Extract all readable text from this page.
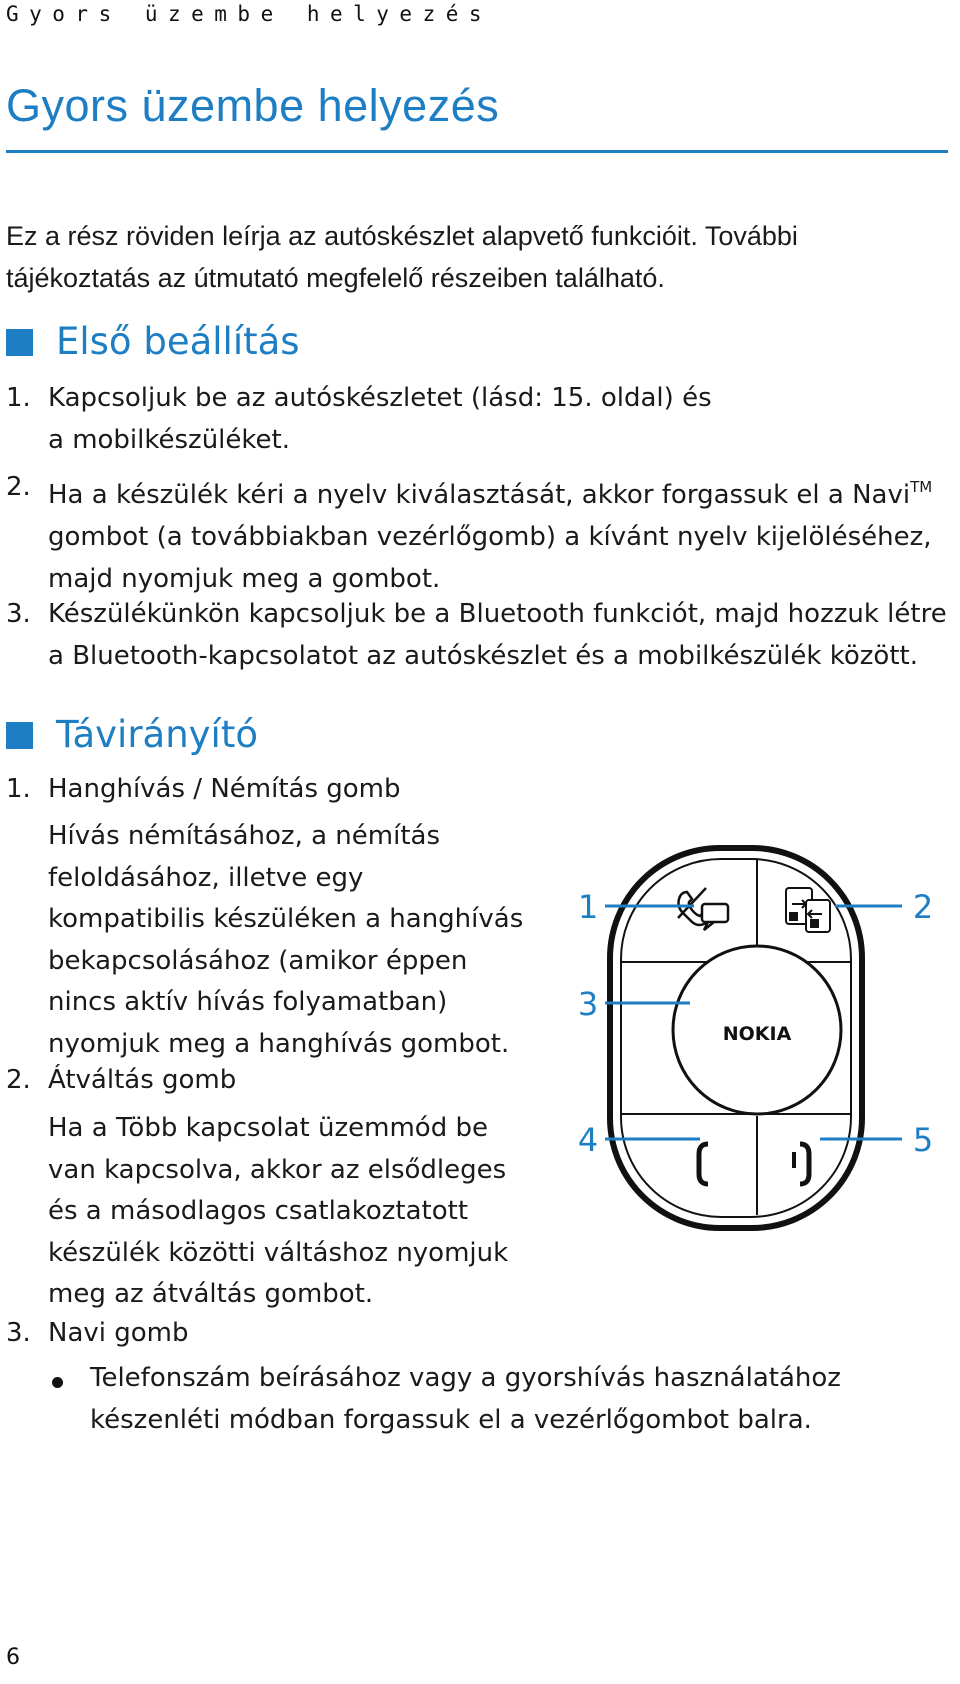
Gyors üzembe helyezés
Gyors üzembe helyezés

Ez a rész röviden leírja az autóskészlet alapvető funkcióit. További
tájékoztatás az útmutató megfelelő részeiben található.

Első beállítás
1. Kapcsoljuk be az autóskészletet (lásd: 15. oldal) és
a mobilkészüléket.
2. Ha a készülék kéri a nyelv kiválasztását, akkor forgassuk el a Navi™
gombot (a továbbiakban vezérlőgomb) a kívánt nyelv kijelöléséhez,
majd nyomjuk meg a gombot.
3. Készülékünkön kapcsoljuk be a Bluetooth funkciót, majd hozzuk létre
a Bluetooth-kapcsolatot az autóskészlet és a mobilkészülék között.
Távirányító
1. Hanghívás / Némítás gomb
Hívás némításához, a némítás
feloldásához, illetve egy
kompatibilis készüléken a hanghívás
bekapcsolásához (amikor éppen
nincs aktív hívás folyamatban)
nyomjuk meg a hanghívás gombot.
2. Átváltás gomb
Ha a Több kapcsolat üzemmód be
van kapcsolva, akkor az elsődleges
és a másodlagos csatlakoztatott
készülék közötti váltáshoz nyomjuk
meg az átváltás gombot.
3. Navi gomb
Telefonszám beírásához vagy a gyorshívás használatához
készenléti módban forgassuk el a vezérlőgombot balra.
NOKIA
1	2
3
4	5
6
